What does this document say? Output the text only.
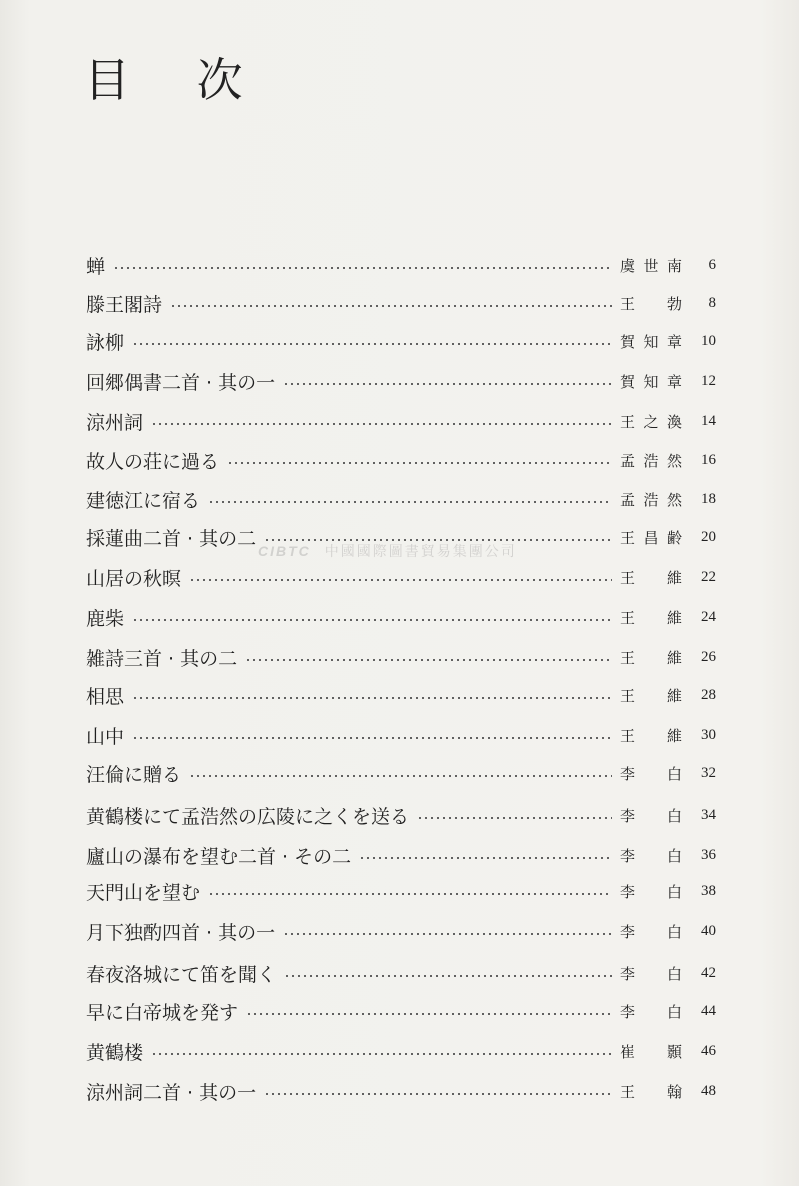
目 次
蝉	虞世南	6
滕王閣詩	王 勃	8
詠柳	賀知章	10
回郷偶書二首 · 其の一	賀知章	12
涼州詞	王之渙	14
故人の荘に過る	孟浩然	16
建徳江に宿る	孟浩然	18
採蓮曲二首 · 其の二	王昌齢	20
山居の秋暝	王 維	22
鹿柴	王 維	24
雑詩三首 · 其の二	王 維	26
相思	王 維	28
山中	王 維	30
汪倫に贈る	李 白	32
黄鶴楼にて孟浩然の広陵に之くを送る	李 白	34
廬山の瀑布を望む二首 · その二	李 白	36
天門山を望む	李 白	38
月下独酌四首 · 其の一	李 白	40
春夜洛城にて笛を聞く	李 白	42
早に白帝城を発す	李 白	44
黄鶴楼	崔 顥	46
涼州詞二首 · 其の一	王 翰	48
CIBTC 中國國際圖書貿易集團公司
